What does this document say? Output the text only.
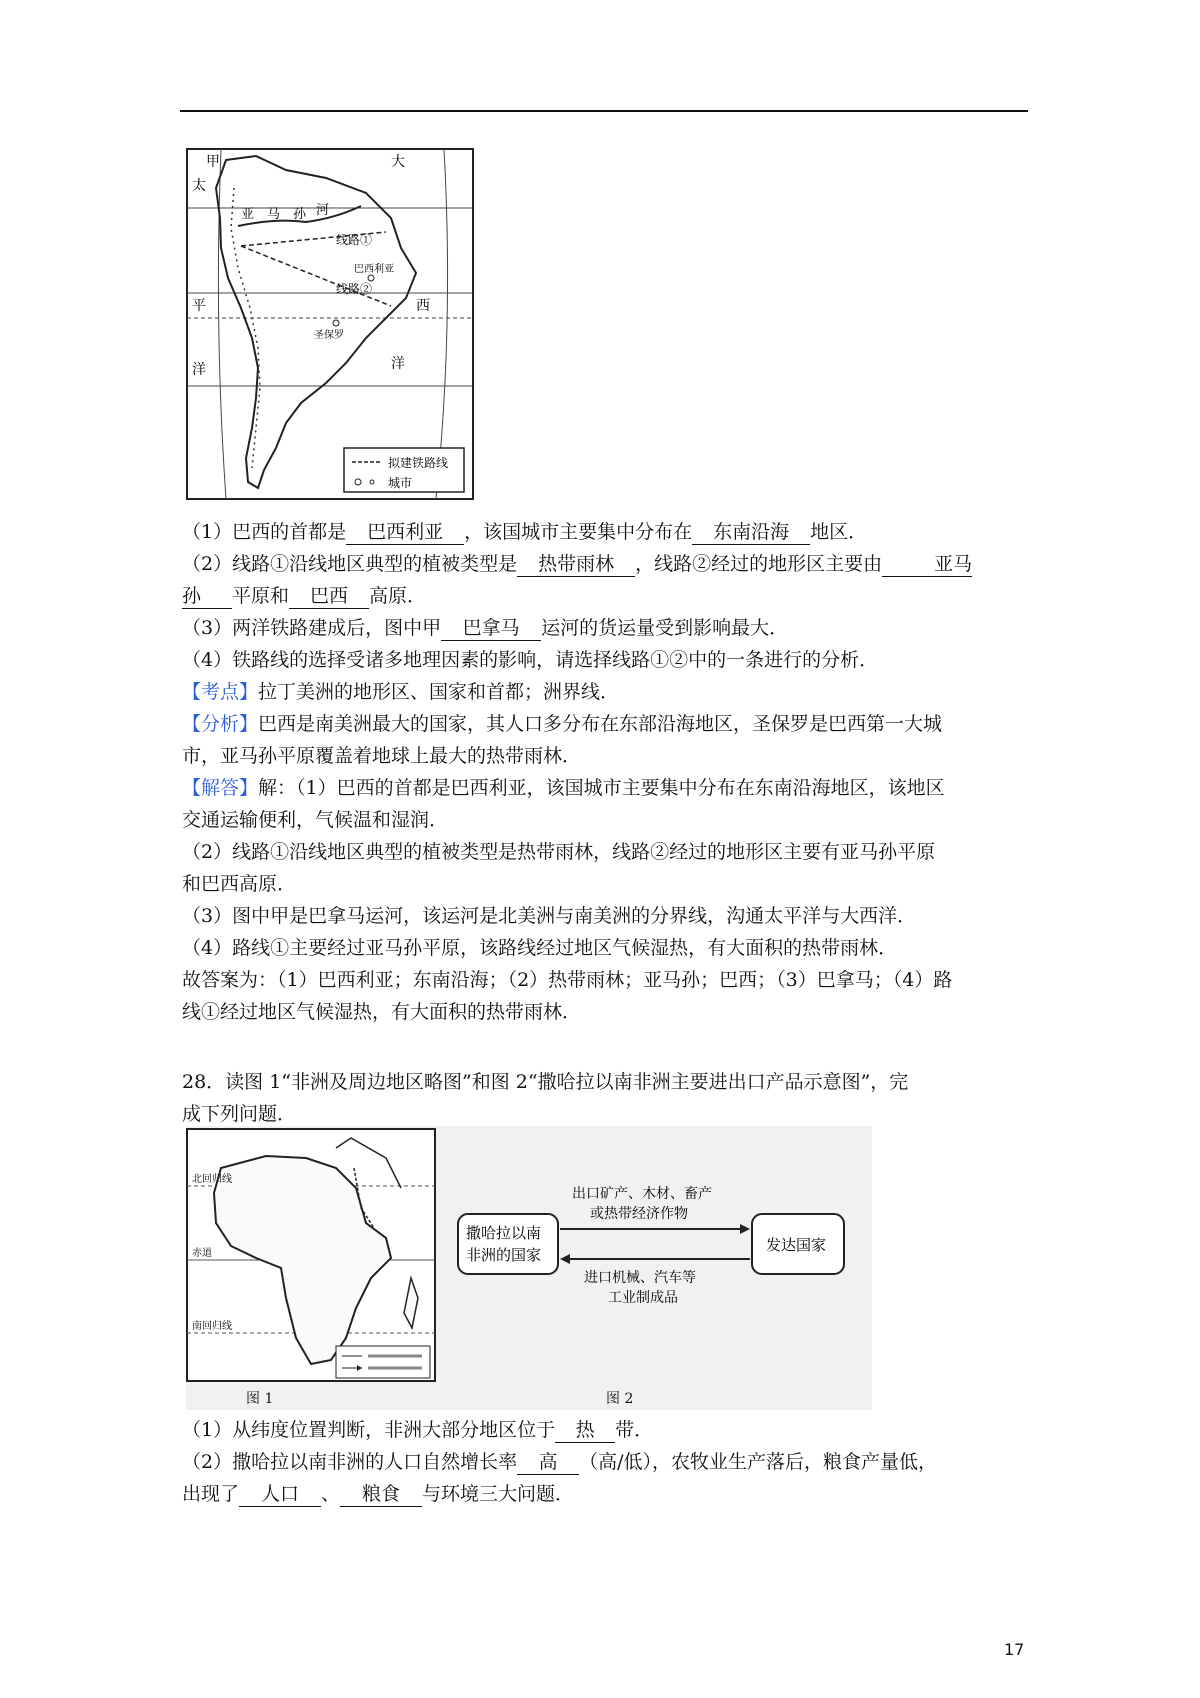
甲
太
平
洋
大
西
洋
亚　马　孙 河
线路①
线路②
巴西利亚
圣保罗
拟建铁路线
城市
（1）巴西的首都是 巴西利亚 ，该国城市主要集中分布在 东南沿海 地区．
（2）线路①沿线地区典型的植被类型是 热带雨林 ，线路②经过的地形区主要由	亚马
孙 平原和 巴西 高原．
（3）两洋铁路建成后，图中甲 巴拿马 运河的货运量受到影响最大．
（4）铁路线的选择受诸多地理因素的影响，请选择线路①②中的一条进行的分析．
【考点】拉丁美洲的地形区、国家和首都；洲界线．
【分析】巴西是南美洲最大的国家，其人口多分布在东部沿海地区，圣保罗是巴西第一大城
市，亚马孙平原覆盖着地球上最大的热带雨林．
【解答】解：（1）巴西的首都是巴西利亚，该国城市主要集中分布在东南沿海地区，该地区
交通运输便利，气候温和湿润．
（2）线路①沿线地区典型的植被类型是热带雨林，线路②经过的地形区主要有亚马孙平原
和巴西高原．
（3）图中甲是巴拿马运河，该运河是北美洲与南美洲的分界线，沟通太平洋与大西洋．
（4）路线①主要经过亚马孙平原，该路线经过地区气候湿热，有大面积的热带雨林．
故答案为：（1）巴西利亚；东南沿海；（2）热带雨林；亚马孙；巴西；（3）巴拿马；（4）路
线①经过地区气候湿热，有大面积的热带雨林．
28．读图 1“非洲及周边地区略图”和图 2“撒哈拉以南非洲主要进出口产品示意图”，完
成下列问题．
北回归线
赤道
南回归线
撒哈拉以南
非洲的国家
发达国家
出口矿产、木材、畜产
或热带经济作物
进口机械、汽车等
工业制成品
图 1	图 2
（1）从纬度位置判断，非洲大部分地区位于 热 带．
（2）撒哈拉以南非洲的人口自然增长率 高 （高/低），农牧业生产落后，粮食产量低，
出现了 人口 、 粮食 与环境三大问题．
17
